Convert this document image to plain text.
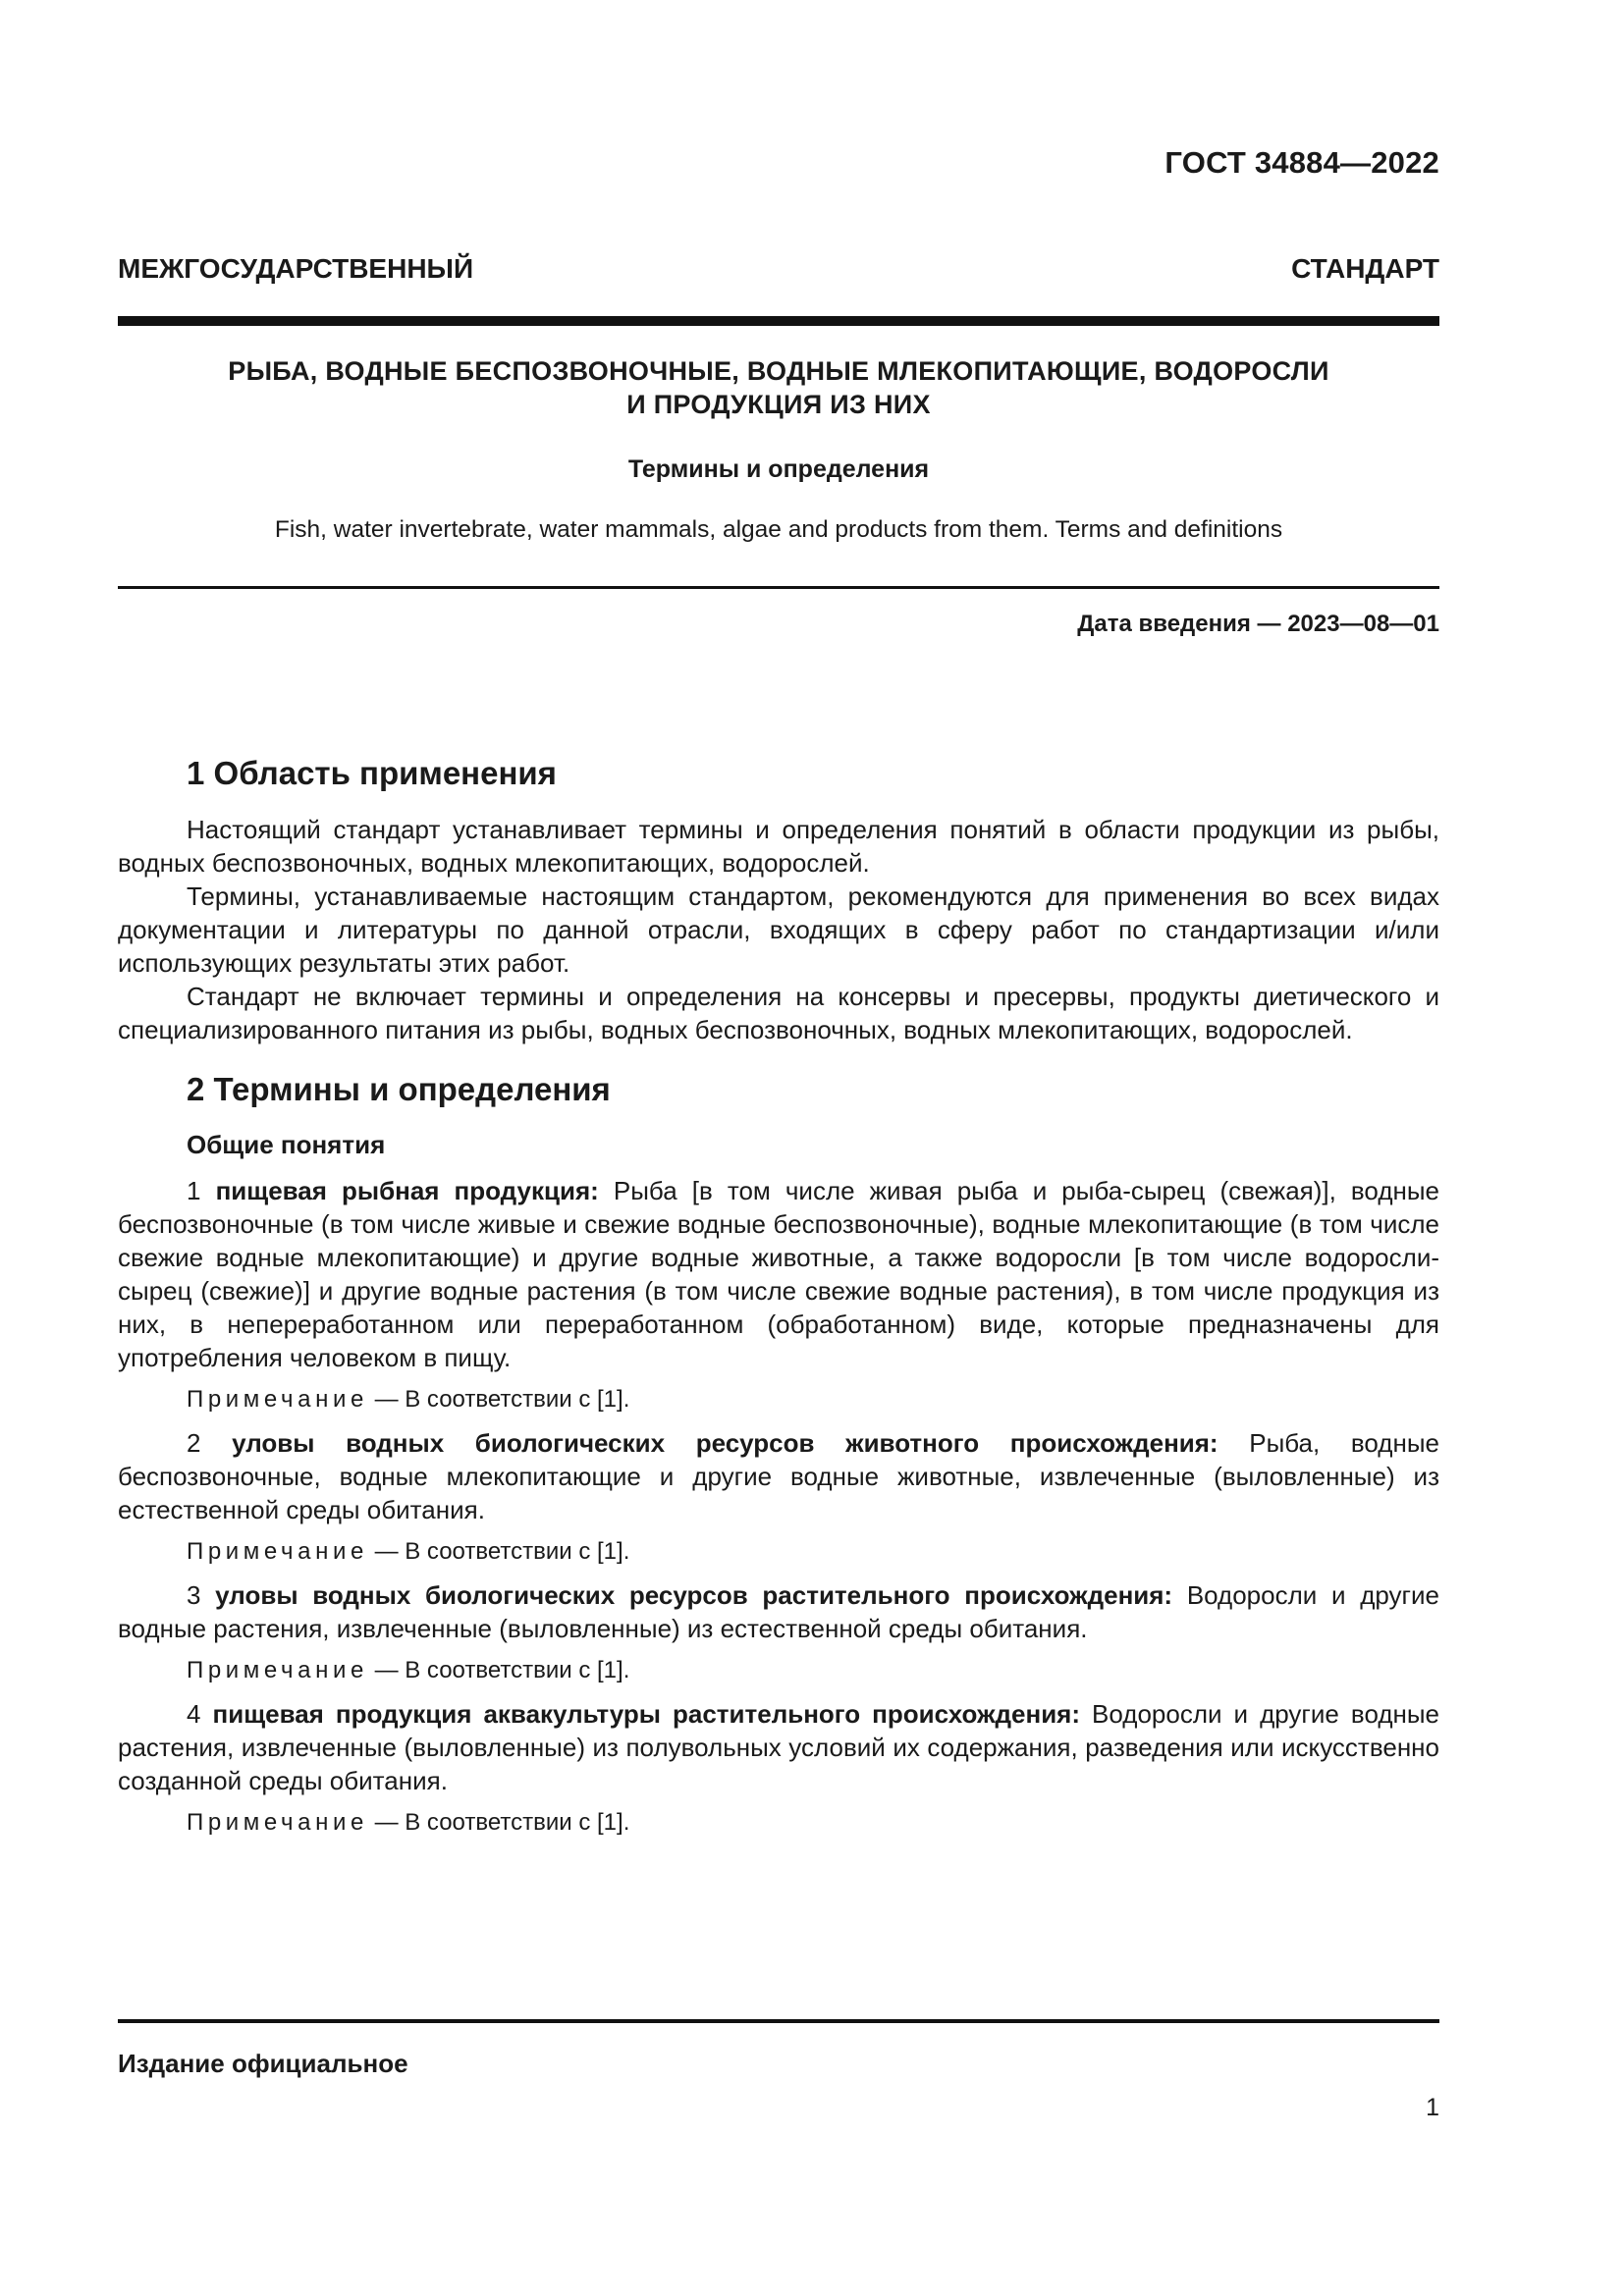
ГОСТ 34884—2022
МЕЖГОСУДАРСТВЕННЫЙ СТАНДАРТ
РЫБА, ВОДНЫЕ БЕСПОЗВОНОЧНЫЕ, ВОДНЫЕ МЛЕКОПИТАЮЩИЕ, ВОДОРОСЛИ
И ПРОДУКЦИЯ ИЗ НИХ
Термины и определения
Fish, water invertebrate, water mammals, algae and products from them. Terms and definitions
Дата введения — 2023—08—01
1 Область применения

Настоящий стандарт устанавливает термины и определения понятий в области продукции из рыбы, водных беспозвоночных, водных млекопитающих, водорослей.

Термины, устанавливаемые настоящим стандартом, рекомендуются для применения во всех видах документации и литературы по данной отрасли, входящих в сферу работ по стандартизации и/или использующих результаты этих работ.

Стандарт не включает термины и определения на консервы и пресервы, продукты диетического и специализированного питания из рыбы, водных беспозвоночных, водных млекопитающих, водорослей.

2 Термины и определения
Общие понятия

1 пищевая рыбная продукция: Рыба [в том числе живая рыба и рыба-сырец (свежая)], водные беспозвоночные (в том числе живые и свежие водные беспозвоночные), водные млекопитающие (в том числе свежие водные млекопитающие) и другие водные животные, а также водоросли [в том числе водоросли-сырец (свежие)] и другие водные растения (в том числе свежие водные растения), в том числе продукция из них, в непереработанном или переработанном (обработанном) виде, которые предназначены для употребления человеком в пищу.

Примечание — В соответствии с [1].

2 уловы водных биологических ресурсов животного происхождения: Рыба, водные беспозвоночные, водные млекопитающие и другие водные животные, извлеченные (выловленные) из естественной среды обитания.

Примечание — В соответствии с [1].

3 уловы водных биологических ресурсов растительного происхождения: Водоросли и другие водные растения, извлеченные (выловленные) из естественной среды обитания.

Примечание — В соответствии с [1].

4 пищевая продукция аквакультуры растительного происхождения: Водоросли и другие водные растения, извлеченные (выловленные) из полувольных условий их содержания, разведения или искусственно созданной среды обитания.

Примечание — В соответствии с [1].

Издание официальное
1
